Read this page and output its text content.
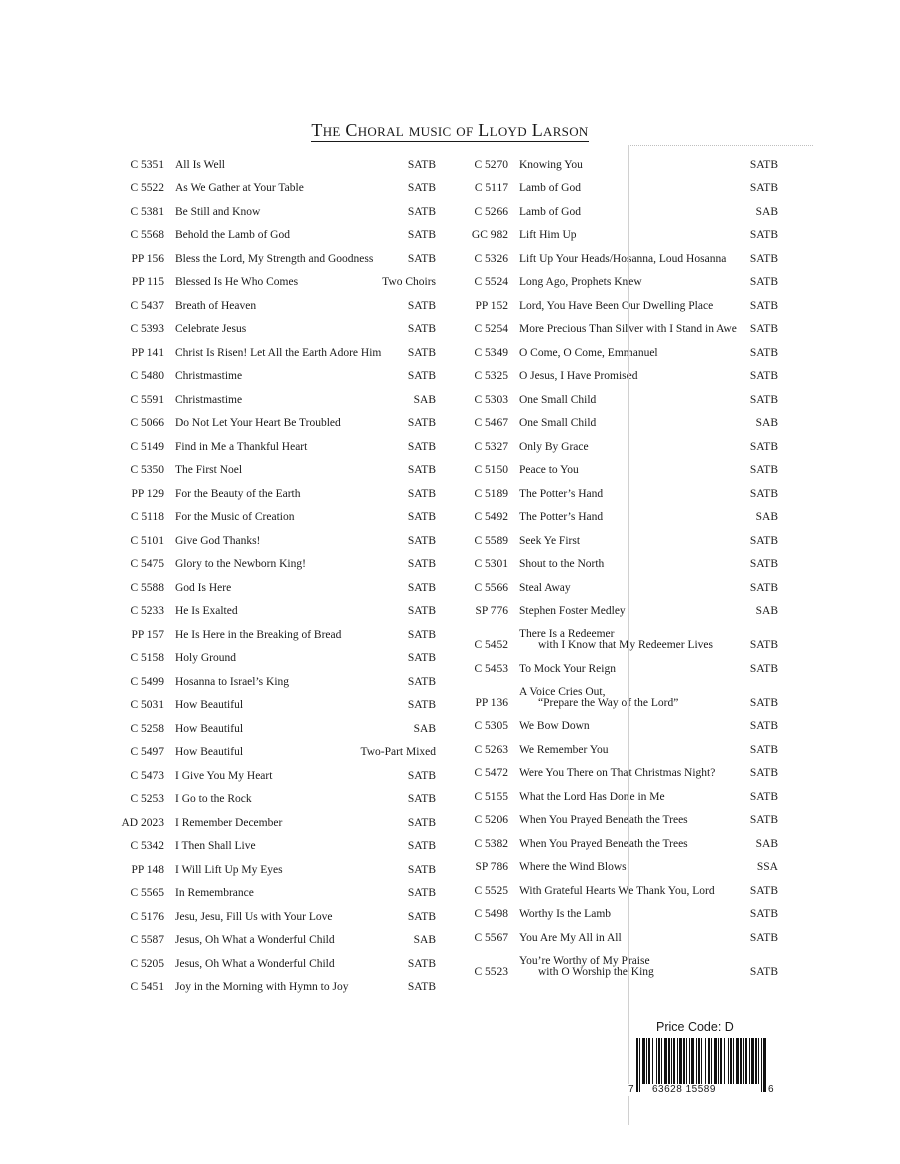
The Choral music of Lloyd Larson
C 5351 All Is Well	SATB
C 5522 As We Gather at Your Table	SATB
C 5381 Be Still and Know	SATB
C 5568 Behold the Lamb of God	SATB
PP 156 Bless the Lord, My Strength and Goodness	SATB
PP 115 Blessed Is He Who Comes	Two Choirs
C 5437 Breath of Heaven	SATB
C 5393 Celebrate Jesus	SATB
PP 141 Christ Is Risen! Let All the Earth Adore Him	SATB
C 5480 Christmastime	SATB
C 5591 Christmastime	SAB
C 5066 Do Not Let Your Heart Be Troubled	SATB
C 5149 Find in Me a Thankful Heart	SATB
C 5350 The First Noel	SATB
PP 129 For the Beauty of the Earth	SATB
C 5118 For the Music of Creation	SATB
C 5101 Give God Thanks!	SATB
C 5475 Glory to the Newborn King!	SATB
C 5588 God Is Here	SATB
C 5233 He Is Exalted	SATB
PP 157 He Is Here in the Breaking of Bread	SATB
C 5158 Holy Ground	SATB
C 5499 Hosanna to Israel’s King	SATB
C 5031 How Beautiful	SATB
C 5258 How Beautiful	SAB
C 5497 How Beautiful	Two-Part Mixed
C 5473 I Give You My Heart	SATB
C 5253 I Go to the Rock	SATB
AD 2023 I Remember December	SATB
C 5342 I Then Shall Live	SATB
PP 148 I Will Lift Up My Eyes	SATB
C 5565 In Remembrance	SATB
C 5176 Jesu, Jesu, Fill Us with Your Love	SATB
C 5587 Jesus, Oh What a Wonderful Child	SAB
C 5205 Jesus, Oh What a Wonderful Child	SATB
C 5451 Joy in the Morning with Hymn to Joy	SATB
C 5270 Knowing You	SATB
C 5117 Lamb of God	SATB
C 5266 Lamb of God	SAB
GC 982 Lift Him Up	SATB
C 5326 Lift Up Your Heads/Hosanna, Loud Hosanna	SATB
C 5524 Long Ago, Prophets Knew	SATB
PP 152 Lord, You Have Been Our Dwelling Place	SATB
C 5254 More Precious Than Silver with I Stand in Awe	SATB
C 5349 O Come, O Come, Emmanuel	SATB
C 5325 O Jesus, I Have Promised	SATB
C 5303 One Small Child	SATB
C 5467 One Small Child	SAB
C 5327 Only By Grace	SATB
C 5150 Peace to You	SATB
C 5189 The Potter’s Hand	SATB
C 5492 The Potter’s Hand	SAB
C 5589 Seek Ye First	SATB
C 5301 Shout to the North	SATB
C 5566 Steal Away	SATB
SP 776 Stephen Foster Medley	SAB
C 5452
There Is a Redeemer
with I Know that My Redeemer Lives	SATB
C 5453 To Mock Your Reign	SATB
PP 136
A Voice Cries Out,
“Prepare the Way of the Lord”	SATB
C 5305 We Bow Down	SATB
C 5263 We Remember You	SATB
C 5472 Were You There on That Christmas Night?	SATB
C 5155 What the Lord Has Done in Me	SATB
C 5206 When You Prayed Beneath the Trees	SATB
C 5382 When You Prayed Beneath the Trees	SAB
SP 786 Where the Wind Blows	SSA
C 5525 With Grateful Hearts We Thank You, Lord	SATB
C 5498 Worthy Is the Lamb	SATB
C 5567 You Are My All in All	SATB
C 5523
You’re Worthy of My Praise
with O Worship the King	SATB
Price Code: D
7 63628 15589	6
